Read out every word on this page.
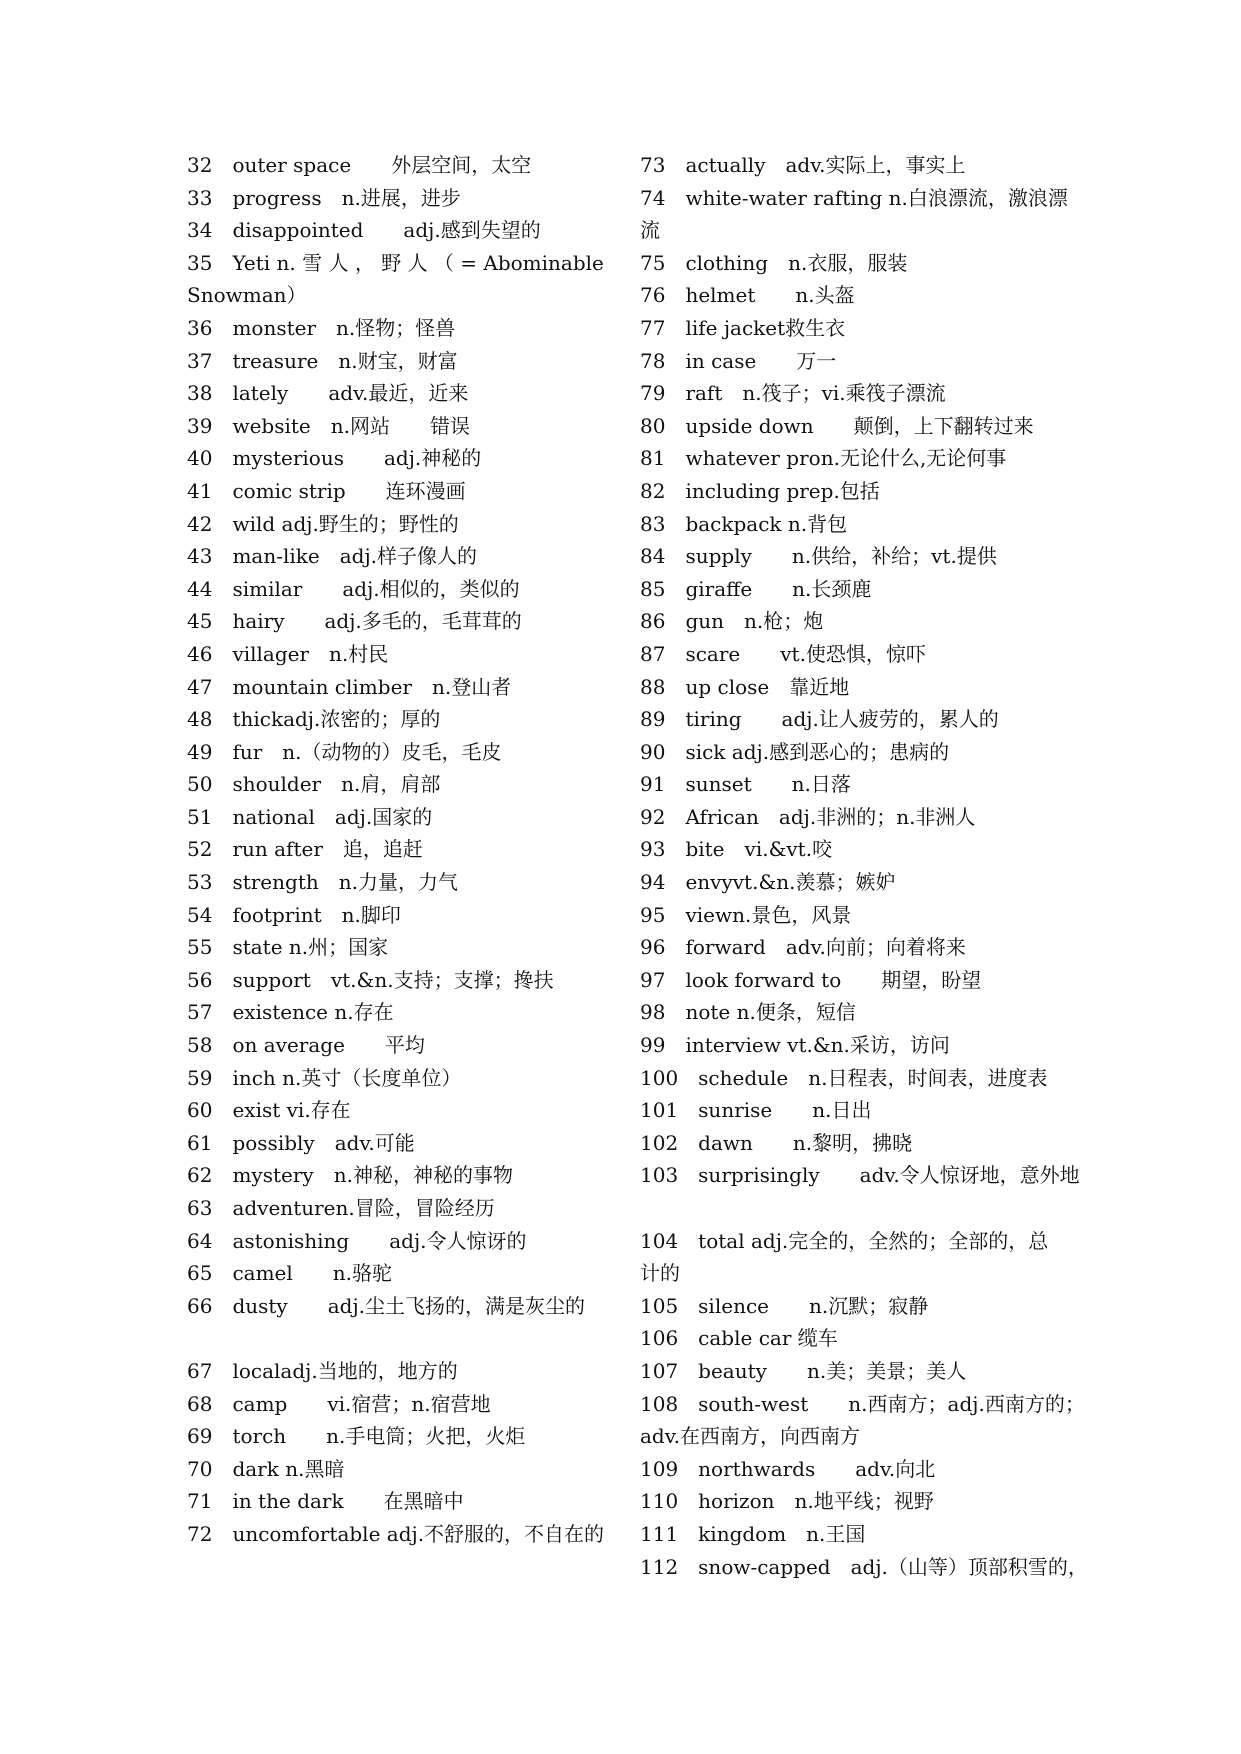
32　outer space　　外层空间，太空
33　progress　n.进展，进步
34　disappointed　　adj.感到失望的
35　Yeti n. 雪 人 ， 野 人 （ = Abominable
Snowman）
36　monster　n.怪物；怪兽
37　treasure　n.财宝，财富
38　lately　　adv.最近，近来
39　website　n.网站　　错误
40　mysterious　　adj.神秘的
41　comic strip　　连环漫画
42　wild adj.野生的；野性的
43　man-like　adj.样子像人的
44　similar　　adj.相似的，类似的
45　hairy　　adj.多毛的，毛茸茸的
46　villager　n.村民
47　mountain climber　n.登山者
48　thickadj.浓密的；厚的
49　fur　n.（动物的）皮毛，毛皮
50　shoulder　n.肩，肩部
51　national　adj.国家的
52　run after　追，追赶
53　strength　n.力量，力气
54　footprint　n.脚印
55　state n.州；国家
56　support　vt.&n.支持；支撑；搀扶
57　existence n.存在
58　on average　　平均
59　inch n.英寸（长度单位）
60　exist vi.存在
61　possibly　adv.可能
62　mystery　n.神秘，神秘的事物
63　adventuren.冒险，冒险经历
64　astonishing　　adj.令人惊讶的
65　camel　　n.骆驼
66　dusty　　adj.尘土飞扬的，满是灰尘的
67　localadj.当地的，地方的
68　camp　　vi.宿营；n.宿营地
69　torch　　n.手电筒；火把，火炬
70　dark n.黑暗
71　in the dark　　在黑暗中
72　uncomfortable adj.不舒服的，不自在的
73　actually　adv.实际上，事实上
74　white-water rafting n.白浪漂流，激浪漂
流
75　clothing　n.衣服，服装
76　helmet　　n.头盔
77　life jacket救生衣
78　in case　　万一
79　raft　n.筏子；vi.乘筏子漂流
80　upside down　　颠倒，上下翻转过来
81　whatever pron.无论什么,无论何事
82　including prep.包括
83　backpack n.背包
84　supply　　n.供给，补给；vt.提供
85　giraffe　　n.长颈鹿
86　gun　n.枪；炮
87　scare　　vt.使恐惧，惊吓
88　up close　靠近地
89　tiring　　adj.让人疲劳的，累人的
90　sick adj.感到恶心的；患病的
91　sunset　　n.日落
92　African　adj.非洲的；n.非洲人
93　bite　vi.&vt.咬
94　envyvt.&n.羡慕；嫉妒
95　viewn.景色，风景
96　forward　adv.向前；向着将来
97　look forward to　　期望，盼望
98　note n.便条，短信
99　interview vt.&n.采访，访问
100　schedule　n.日程表，时间表，进度表
101　sunrise　　n.日出
102　dawn　　n.黎明，拂晓
103　surprisingly　　adv.令人惊讶地，意外地
104　total adj.完全的，全然的；全部的，总
计的
105　silence　　n.沉默；寂静
106　cable car 缆车
107　beauty　　n.美；美景；美人
108　south-west　　n.西南方；adj.西南方的；
adv.在西南方，向西南方
109　northwards　　adv.向北
110　horizon　n.地平线；视野
111　kingdom　n.王国
112　snow-capped　adj.（山等）顶部积雪的，
